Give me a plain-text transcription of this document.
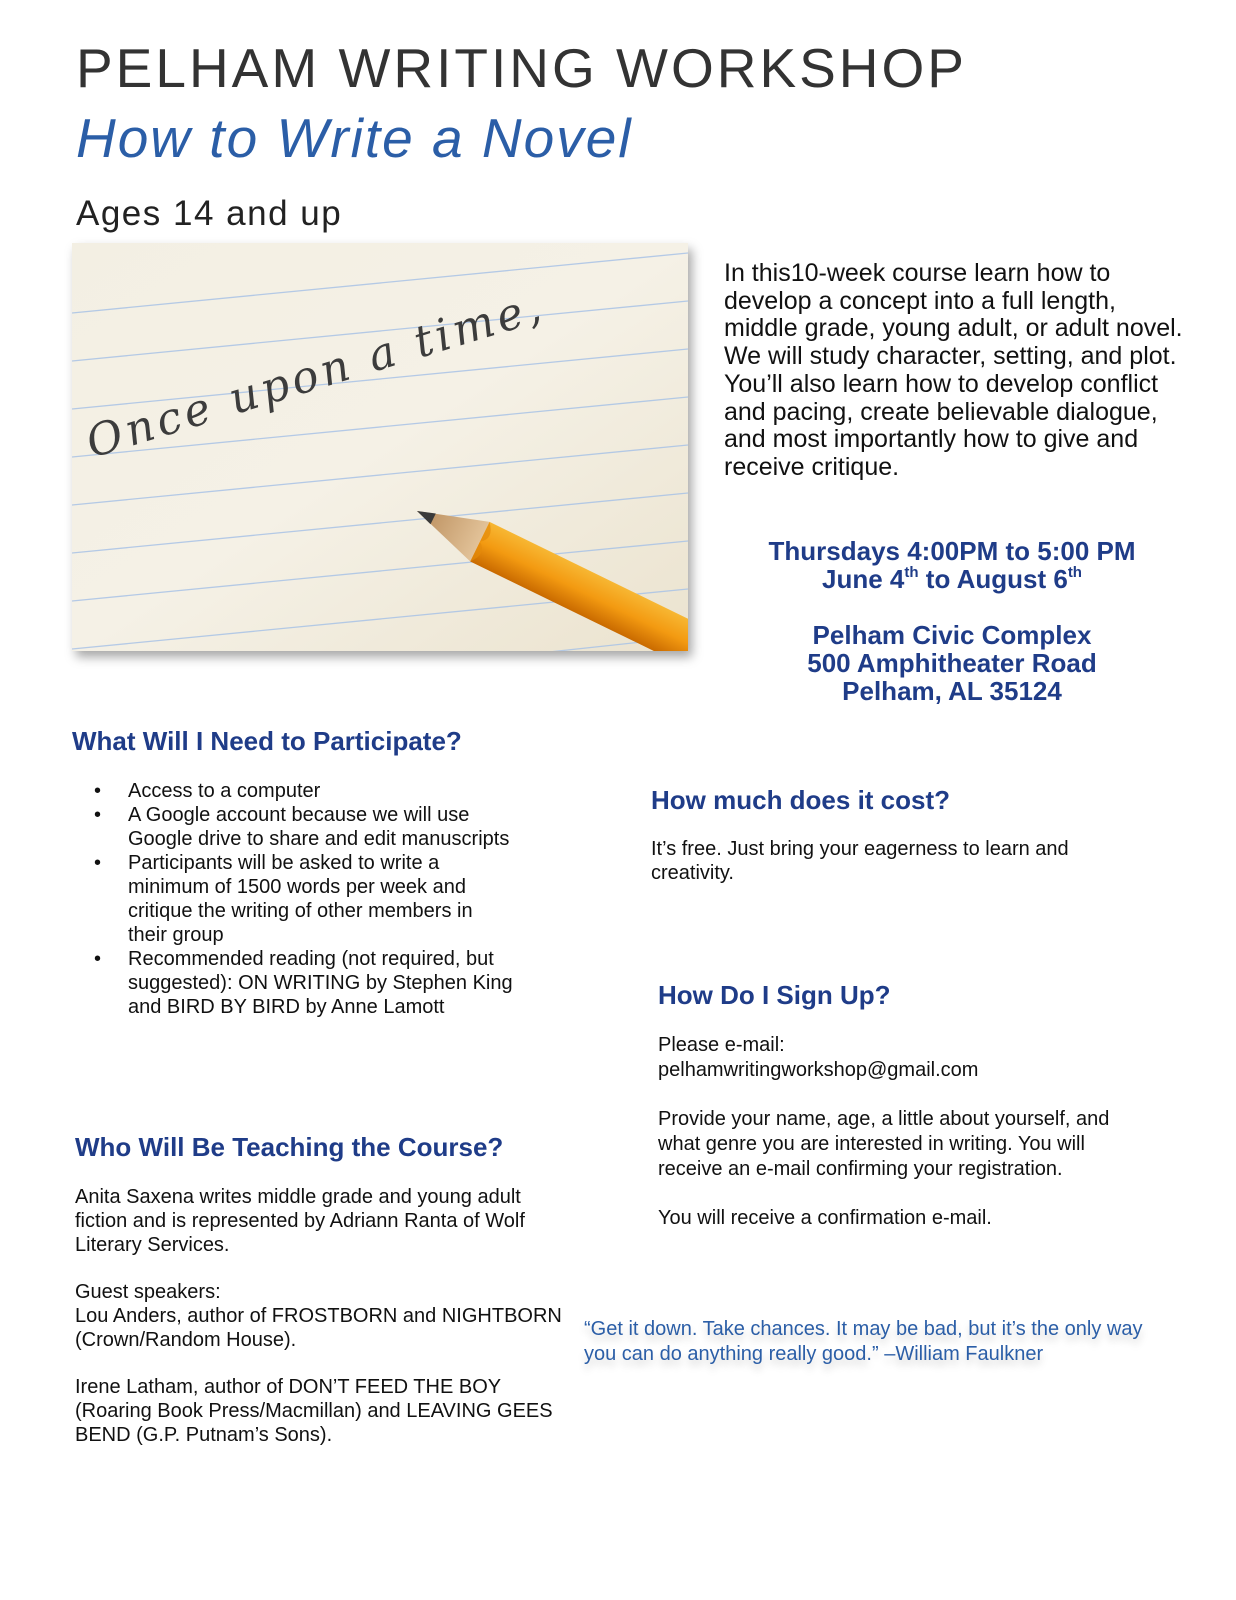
PELHAM WRITING WORKSHOP
How to Write a Novel
Ages 14 and up
Once upon a time,
In this10-week course learn how to develop a concept into a full length, middle grade, young adult, or adult novel. We will study character, setting, and plot. You’ll also learn how to develop conflict and pacing, create believable dialogue, and most importantly how to give and receive critique.
Thursdays 4:00PM to 5:00 PM
June 4th to August 6th
Pelham Civic Complex
500 Amphitheater Road
Pelham, AL 35124
What Will I Need to Participate?
• Access to a computer
• A Google account because we will use Google drive to share and edit manuscripts
• Participants will be asked to write a minimum of 1500 words per week and critique the writing of other members in their group
• Recommended reading (not required, but suggested): ON WRITING by Stephen King and BIRD BY BIRD by Anne Lamott
How much does it cost?

It’s free. Just bring your eagerness to learn and creativity.

How Do I Sign Up?

Please e-mail:

pelhamwritingworkshop@gmail.com

Provide your name, age, a little about yourself, and what genre you are interested in writing. You will receive an e-mail confirming your registration.

You will receive a confirmation e-mail.

Who Will Be Teaching the Course?

Anita Saxena writes middle grade and young adult fiction and is represented by Adriann Ranta of Wolf Literary Services.

Guest speakers:

Lou Anders, author of FROSTBORN and NIGHTBORN (Crown/Random House).

Irene Latham, author of DON’T FEED THE BOY (Roaring Book Press/Macmillan) and LEAVING GEES BEND (G.P. Putnam’s Sons).

“Get it down. Take chances. It may be bad, but it’s the only way you can do anything really good.” –William Faulkner
